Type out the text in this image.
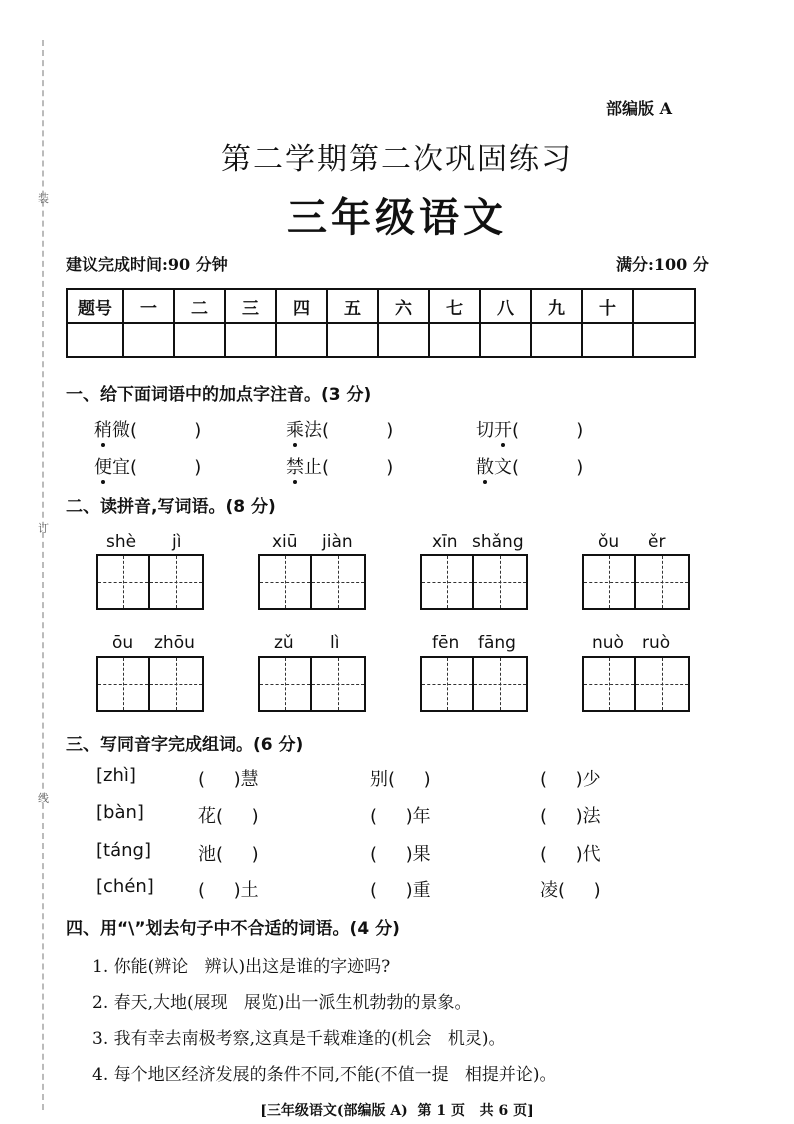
装
订
线
部编版 A
第二学期第二次巩固练习
三年级语文
建议完成时间:90 分钟	满分:100 分
题号	一	二	三	四	五	六	七	八	九	十	

一、给下面词语中的加点字注音。(3 分)
稍微(          )	乘法(          )	切开(          )
便宜(          )	禁止(          )	散文(          )
二、读拼音,写词语。(8 分)
shè jì	xiū jiàn	xīn shǎng	ǒu ěr
ōu zhōu	zǔ lì	fēn fāng	nuò ruò
三、写同音字完成组词。(6 分)
[zhì]	(     )慧	别(     )	(     )少
[bàn]	花(     )	(     )年	(     )法
[táng]	池(     )	(     )果	(     )代
[chén] (     )土	(     )重	凌(     )
四、用“\”划去句子中不合适的词语。(4 分)
1. 你能(辨论   辨认)出这是谁的字迹吗?
2. 春天,大地(展现   展览)出一派生机勃勃的景象。
3. 我有幸去南极考察,这真是千载难逢的(机会   机灵)。
4. 每个地区经济发展的条件不同,不能(不值一提   相提并论)。
[三年级语文(部编版 A)  第 1 页   共 6 页]
